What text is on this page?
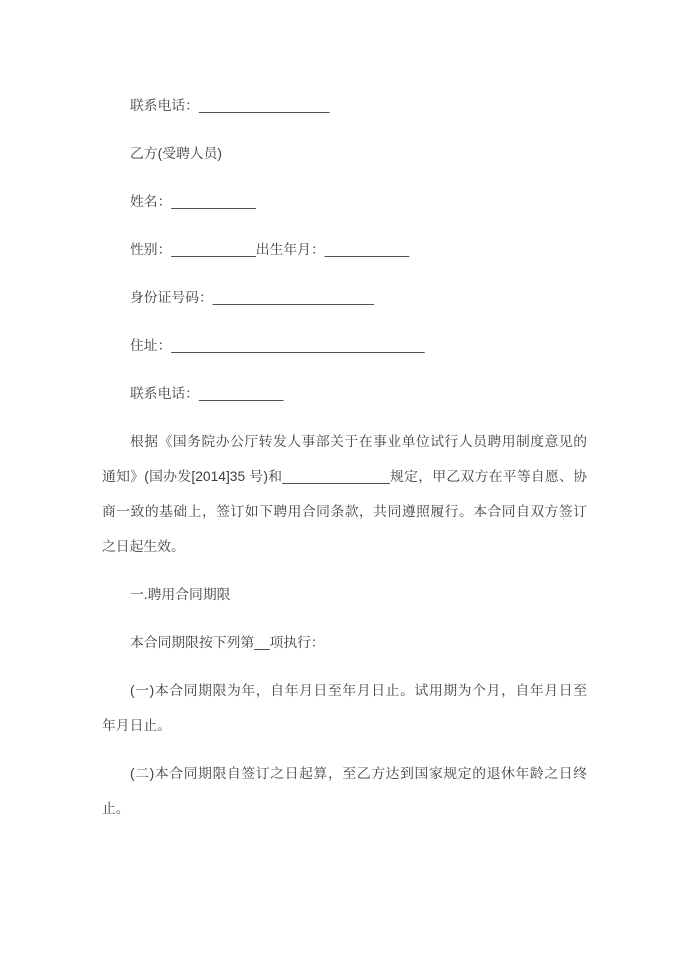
联系电话：_________________
乙方(受聘人员)
姓名：___________
性别：___________出生年月：___________
身份证号码：_____________________
住址：_________________________________
联系电话：___________
根据《国务院办公厅转发人事部关于在事业单位试行人员聘用制度意见的
通知》(国办发[2014]35 号)和______________规定，甲乙双方在平等自愿、协
商一致的基础上，签订如下聘用合同条款，共同遵照履行。本合同自双方签订
之日起生效。
一.聘用合同期限
本合同期限按下列第__项执行：
(一)本合同期限为年，自年月日至年月日止。试用期为个月，自年月日至
年月日止。
(二)本合同期限自签订之日起算，至乙方达到国家规定的退休年龄之日终
止。
